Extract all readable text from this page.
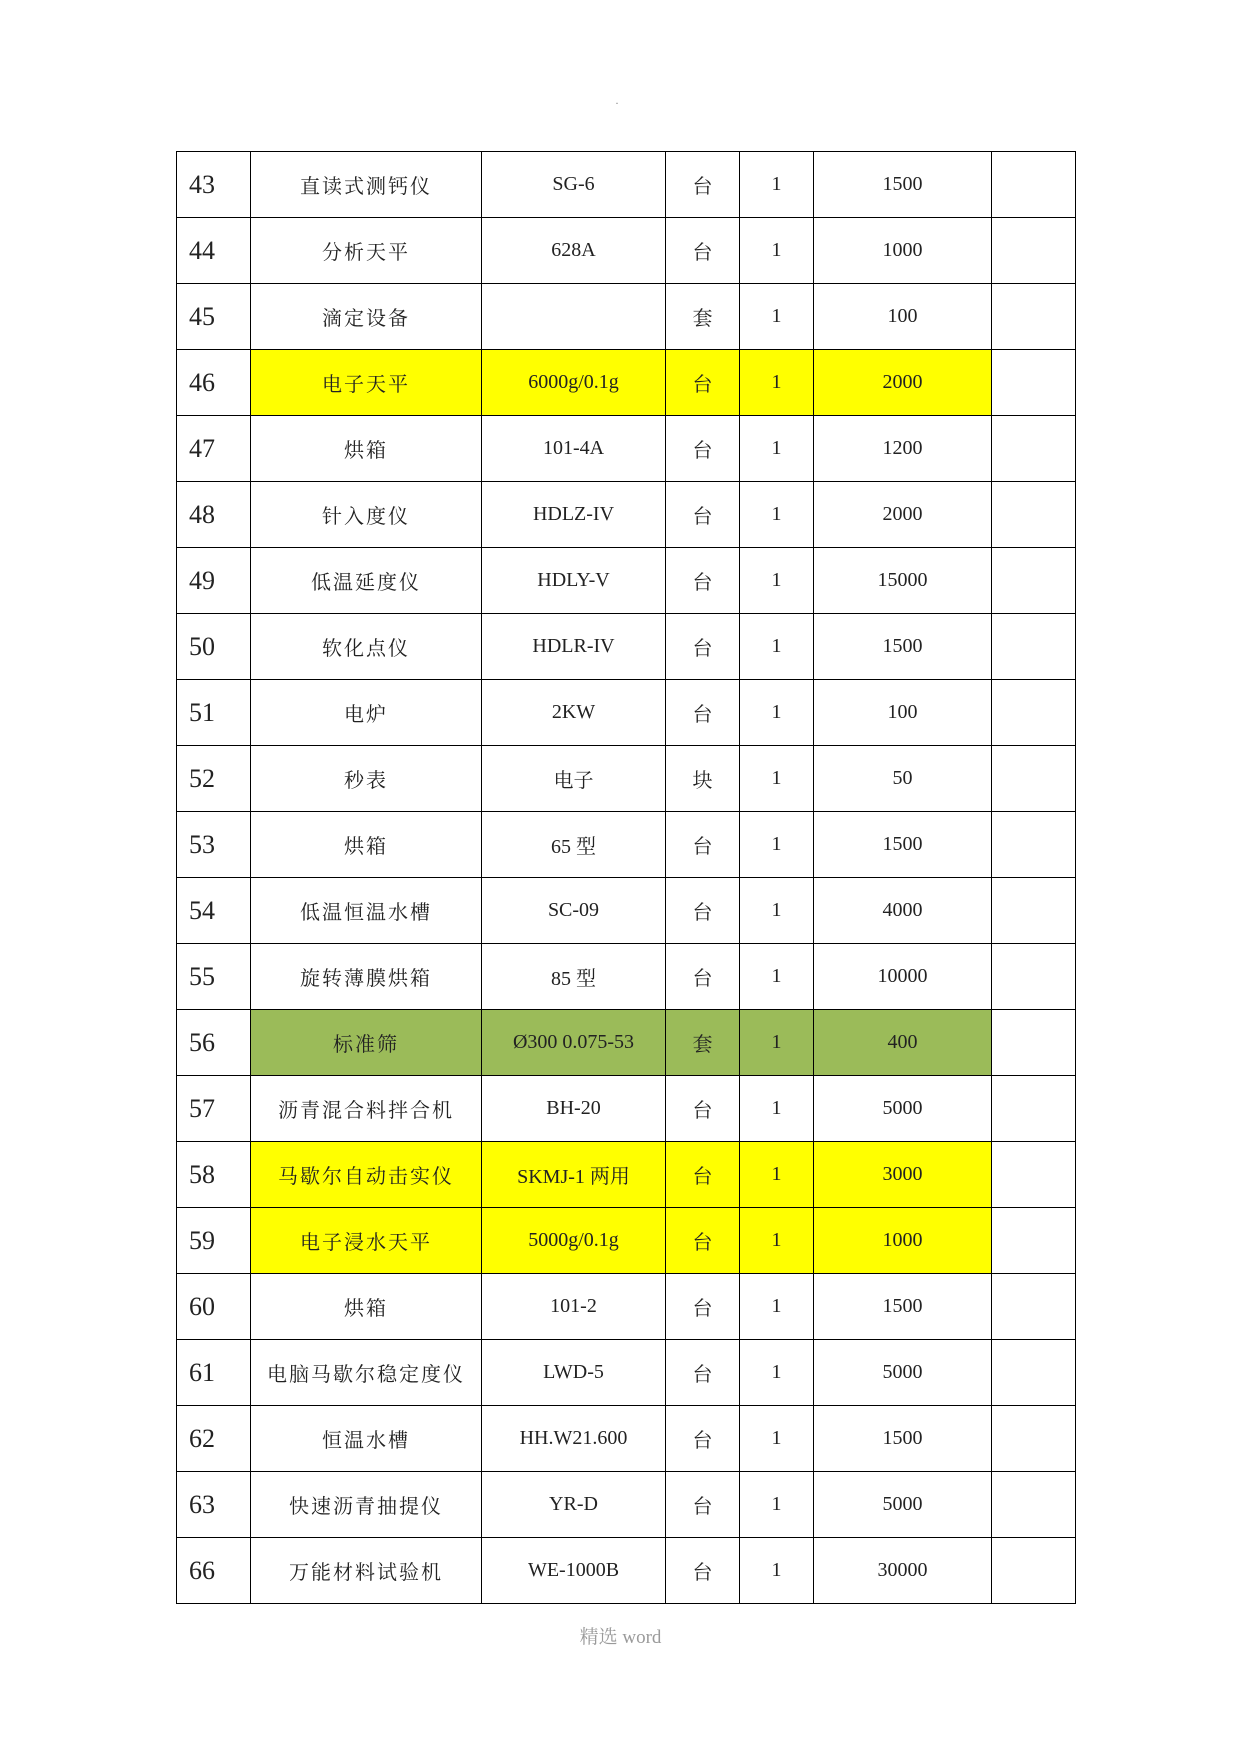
·
43	直读式测钙仪	SG-6	台	1	1500	
44	分析天平	628A	台	1	1000	
45	滴定设备		套	1	100	
46	电子天平	6000g/0.1g	台	1	2000	
47	烘箱	101-4A	台	1	1200	
48	针入度仪	HDLZ-IV	台	1	2000	
49	低温延度仪	HDLY-V	台	1	15000	
50	软化点仪	HDLR-IV	台	1	1500	
51	电炉	2KW	台	1	100	
52	秒表	电子	块	1	50	
53	烘箱	65 型	台	1	1500	
54	低温恒温水槽	SC-09	台	1	4000	
55	旋转薄膜烘箱	85 型	台	1	10000	
56	标准筛	Ø300 0.075-53	套	1	400	
57	沥青混合料拌合机	BH-20	台	1	5000	
58	马歇尔自动击实仪	SKMJ-1 两用	台	1	3000	
59	电子浸水天平	5000g/0.1g	台	1	1000	
60	烘箱	101-2	台	1	1500	
61	电脑马歇尔稳定度仪	LWD-5	台	1	5000	
62	恒温水槽	HH.W21.600	台	1	1500	
63	快速沥青抽提仪	YR-D	台	1	5000	
66	万能材料试验机	WE-1000B	台	1	30000	
精选 word
